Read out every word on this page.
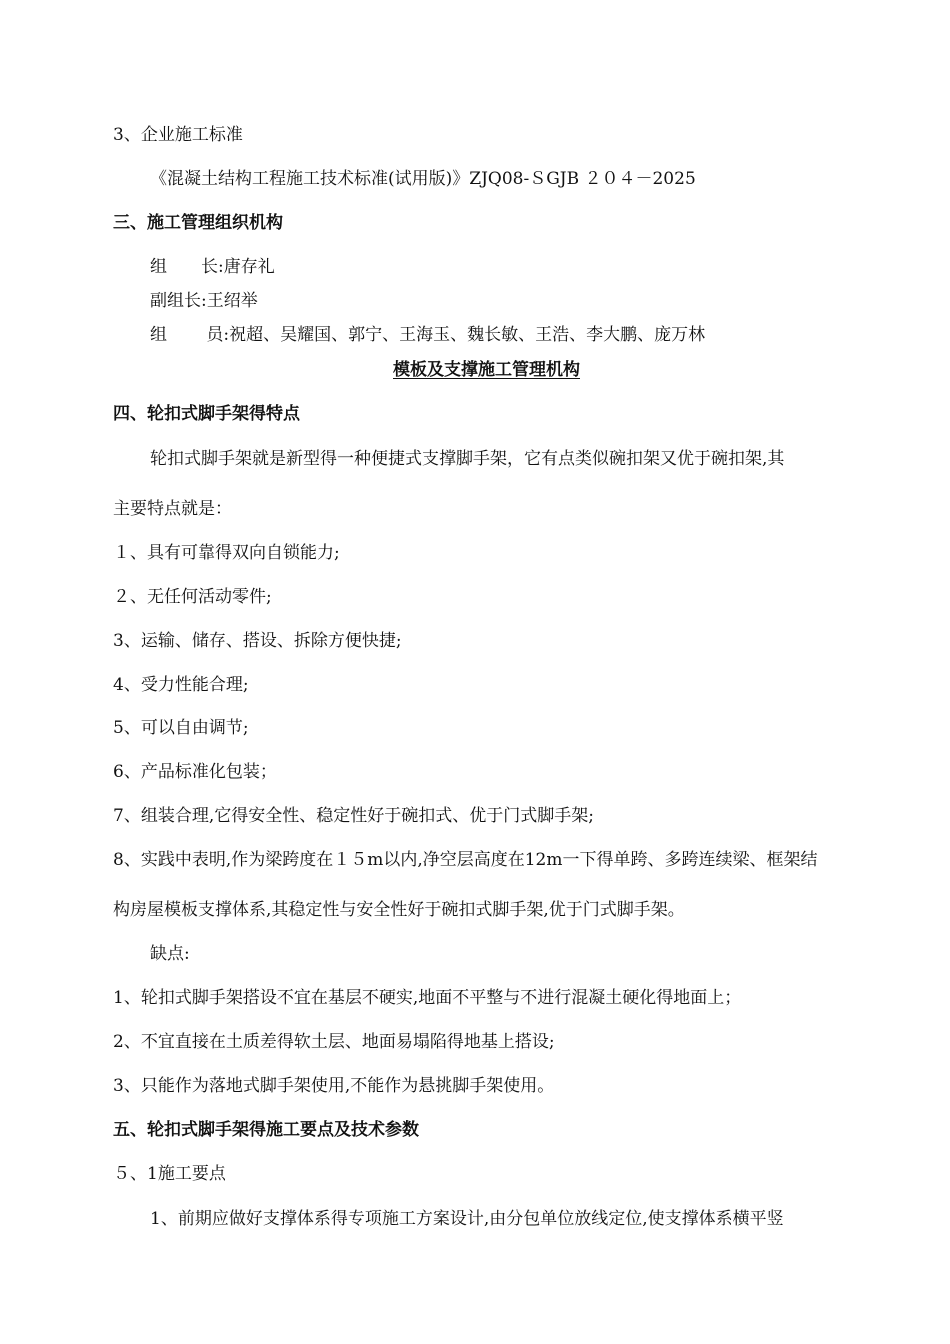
3、企业施工标准
《混凝土结构工程施工技术标准(试用版)》ZJQ08-ＳGJB ２０４－2025
三、施工管理组织机构
组　　长:唐存礼
副组长:王绍举
组　　 员:祝超、吴耀国、郭宁、王海玉、魏长敏、王浩、李大鹏、庞万林
模板及支撑施工管理机构
四、轮扣式脚手架得特点
轮扣式脚手架就是新型得一种便捷式支撑脚手架，它有点类似碗扣架又优于碗扣架,其
主要特点就是：
１、具有可靠得双向自锁能力;
２、无任何活动零件;
3、运输、储存、搭设、拆除方便快捷;
4、受力性能合理;
5、可以自由调节;
6、产品标准化包装；
7、组装合理,它得安全性、稳定性好于碗扣式、优于门式脚手架;
8、实践中表明,作为梁跨度在１５m以内,净空层高度在12m一下得单跨、多跨连续梁、框架结
构房屋模板支撑体系,其稳定性与安全性好于碗扣式脚手架,优于门式脚手架。
缺点:
1、轮扣式脚手架搭设不宜在基层不硬实,地面不平整与不进行混凝土硬化得地面上；
2、不宜直接在土质差得软土层、地面易塌陷得地基上搭设;
3、只能作为落地式脚手架使用,不能作为悬挑脚手架使用。
五、轮扣式脚手架得施工要点及技术参数
５、1施工要点
1、前期应做好支撑体系得专项施工方案设计,由分包单位放线定位,使支撑体系横平竖
